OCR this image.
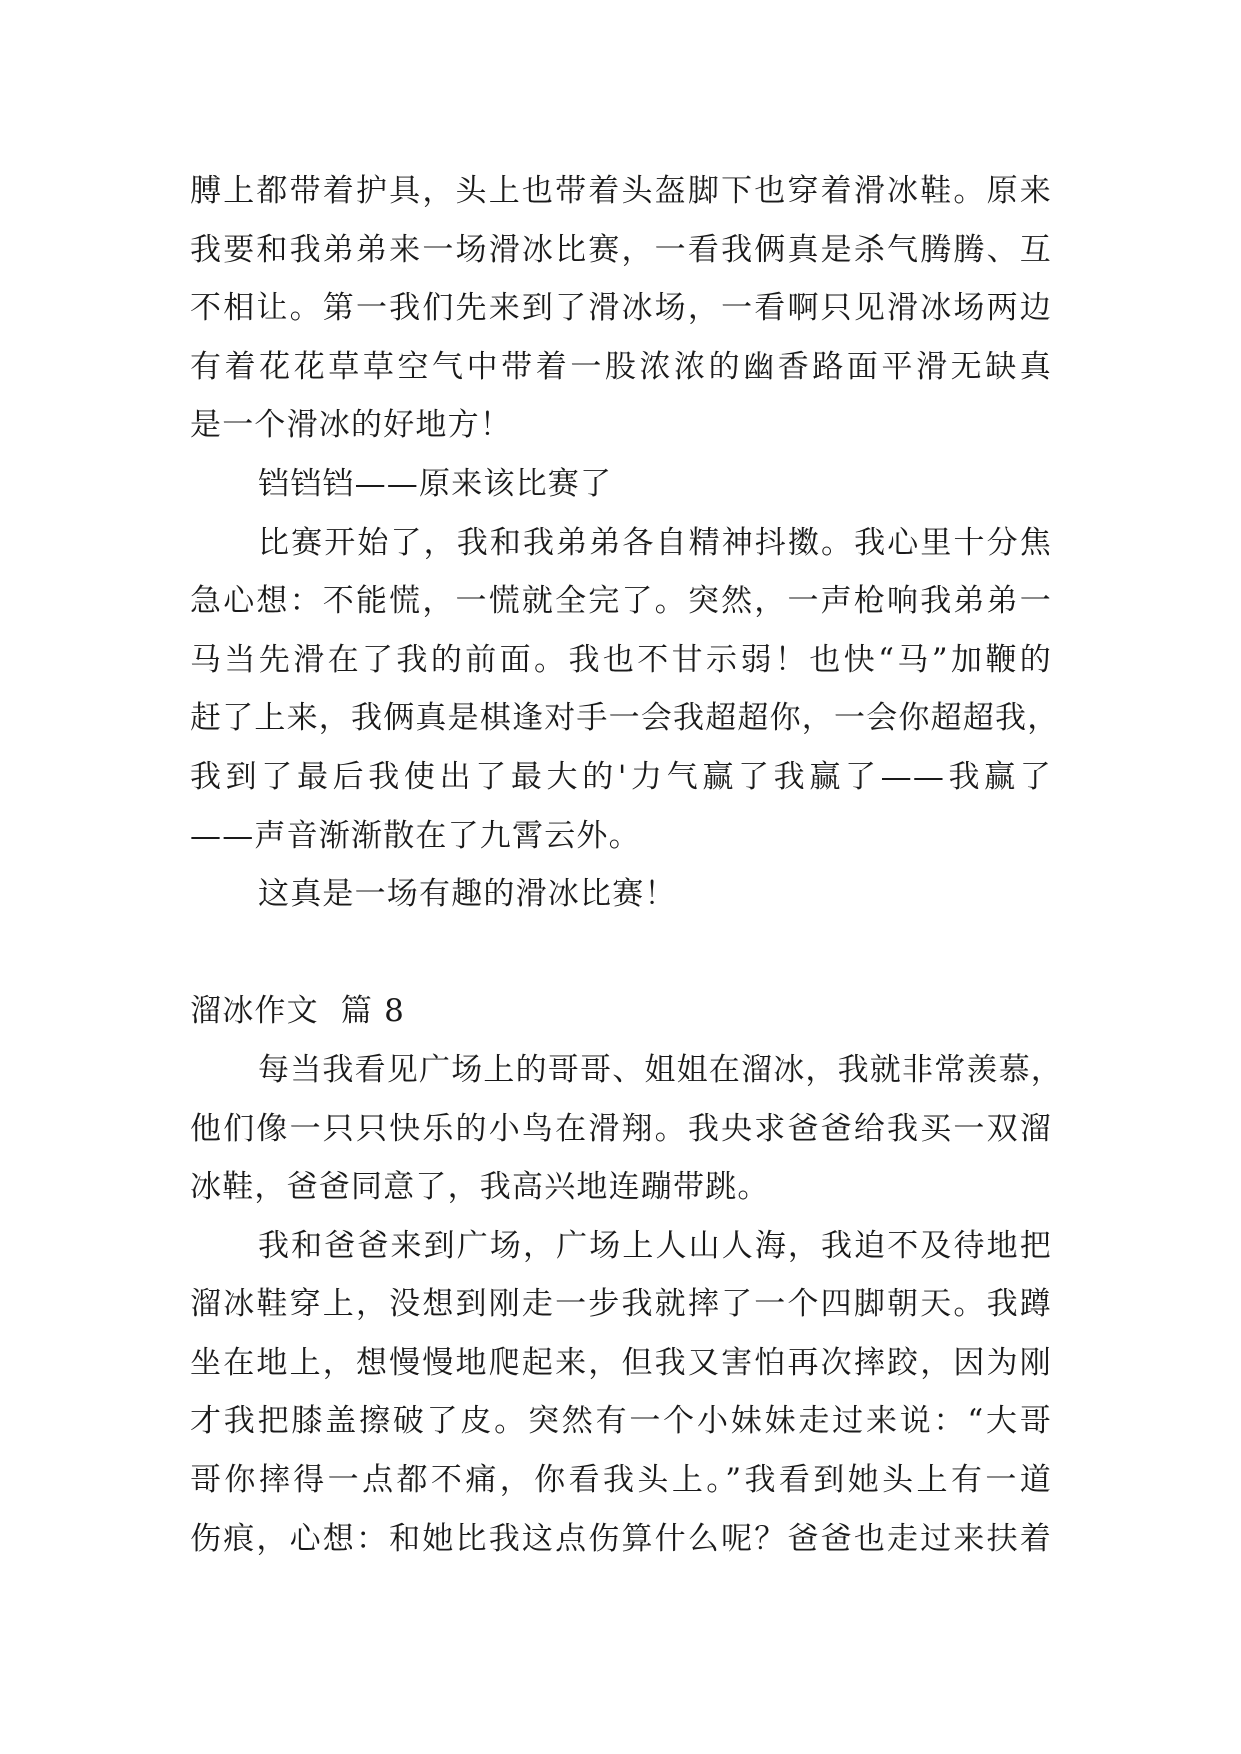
膊上都带着护具，头上也带着头盔脚下也穿着滑冰鞋。原来
我要和我弟弟来一场滑冰比赛，一看我俩真是杀气腾腾、互
不相让。第一我们先来到了滑冰场，一看啊只见滑冰场两边
有着花花草草空气中带着一股浓浓的幽香路面平滑无缺真
是一个滑冰的好地方！
铛铛铛——原来该比赛了
比赛开始了，我和我弟弟各自精神抖擞。我心里十分焦
急心想：不能慌，一慌就全完了。突然，一声枪响我弟弟一
马当先滑在了我的前面。我也不甘示弱！也快“马”加鞭的
赶了上来，我俩真是棋逢对手一会我超超你，一会你超超我，
我到了最后我使出了最大的'力气赢了我赢了——我赢了
——声音渐渐散在了九霄云外。
这真是一场有趣的滑冰比赛！
溜冰作文  篇 8
每当我看见广场上的哥哥、姐姐在溜冰，我就非常羡慕，
他们像一只只快乐的小鸟在滑翔。我央求爸爸给我买一双溜
冰鞋，爸爸同意了，我高兴地连蹦带跳。
我和爸爸来到广场，广场上人山人海，我迫不及待地把
溜冰鞋穿上，没想到刚走一步我就摔了一个四脚朝天。我蹲
坐在地上，想慢慢地爬起来，但我又害怕再次摔跤，因为刚
才我把膝盖擦破了皮。突然有一个小妹妹走过来说：“大哥
哥你摔得一点都不痛，你看我头上。”我看到她头上有一道
伤痕，心想：和她比我这点伤算什么呢？爸爸也走过来扶着
